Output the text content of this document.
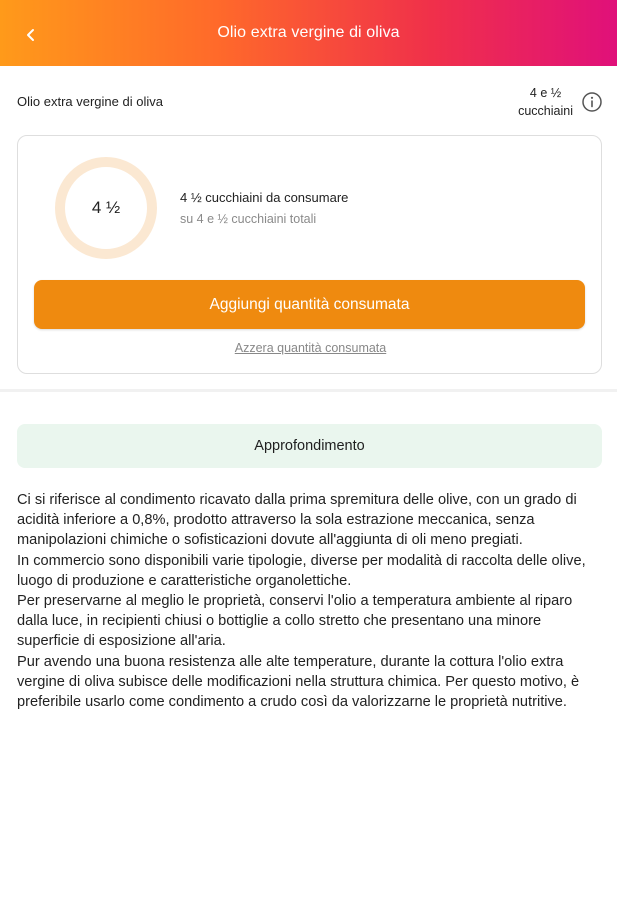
Olio extra vergine di oliva
Olio extra vergine di oliva
4 e ½
cucchiaini
4 ½
4 ½ cucchiaini da consumare
su 4 e ½ cucchiaini totali
Aggiungi quantità consumata
Azzera quantità consumata
Approfondimento

Ci si riferisce al condimento ricavato dalla prima spremitura delle olive, con un grado di acidità inferiore a 0,8%, prodotto attraverso la sola estrazione meccanica, senza manipolazioni chimiche o sofisticazioni dovute all'aggiunta di oli meno pregiati.

In commercio sono disponibili varie tipologie, diverse per modalità di raccolta delle olive, luogo di produzione e caratteristiche organolettiche.

Per preservarne al meglio le proprietà, conservi l'olio a temperatura ambiente al riparo dalla luce, in recipienti chiusi o bottiglie a collo stretto che presentano una minore superficie di esposizione all'aria.

Pur avendo una buona resistenza alle alte temperature, durante la cottura l'olio extra vergine di oliva subisce delle modificazioni nella struttura chimica. Per questo motivo, è preferibile usarlo come condimento a crudo così da valorizzarne le proprietà nutritive.
